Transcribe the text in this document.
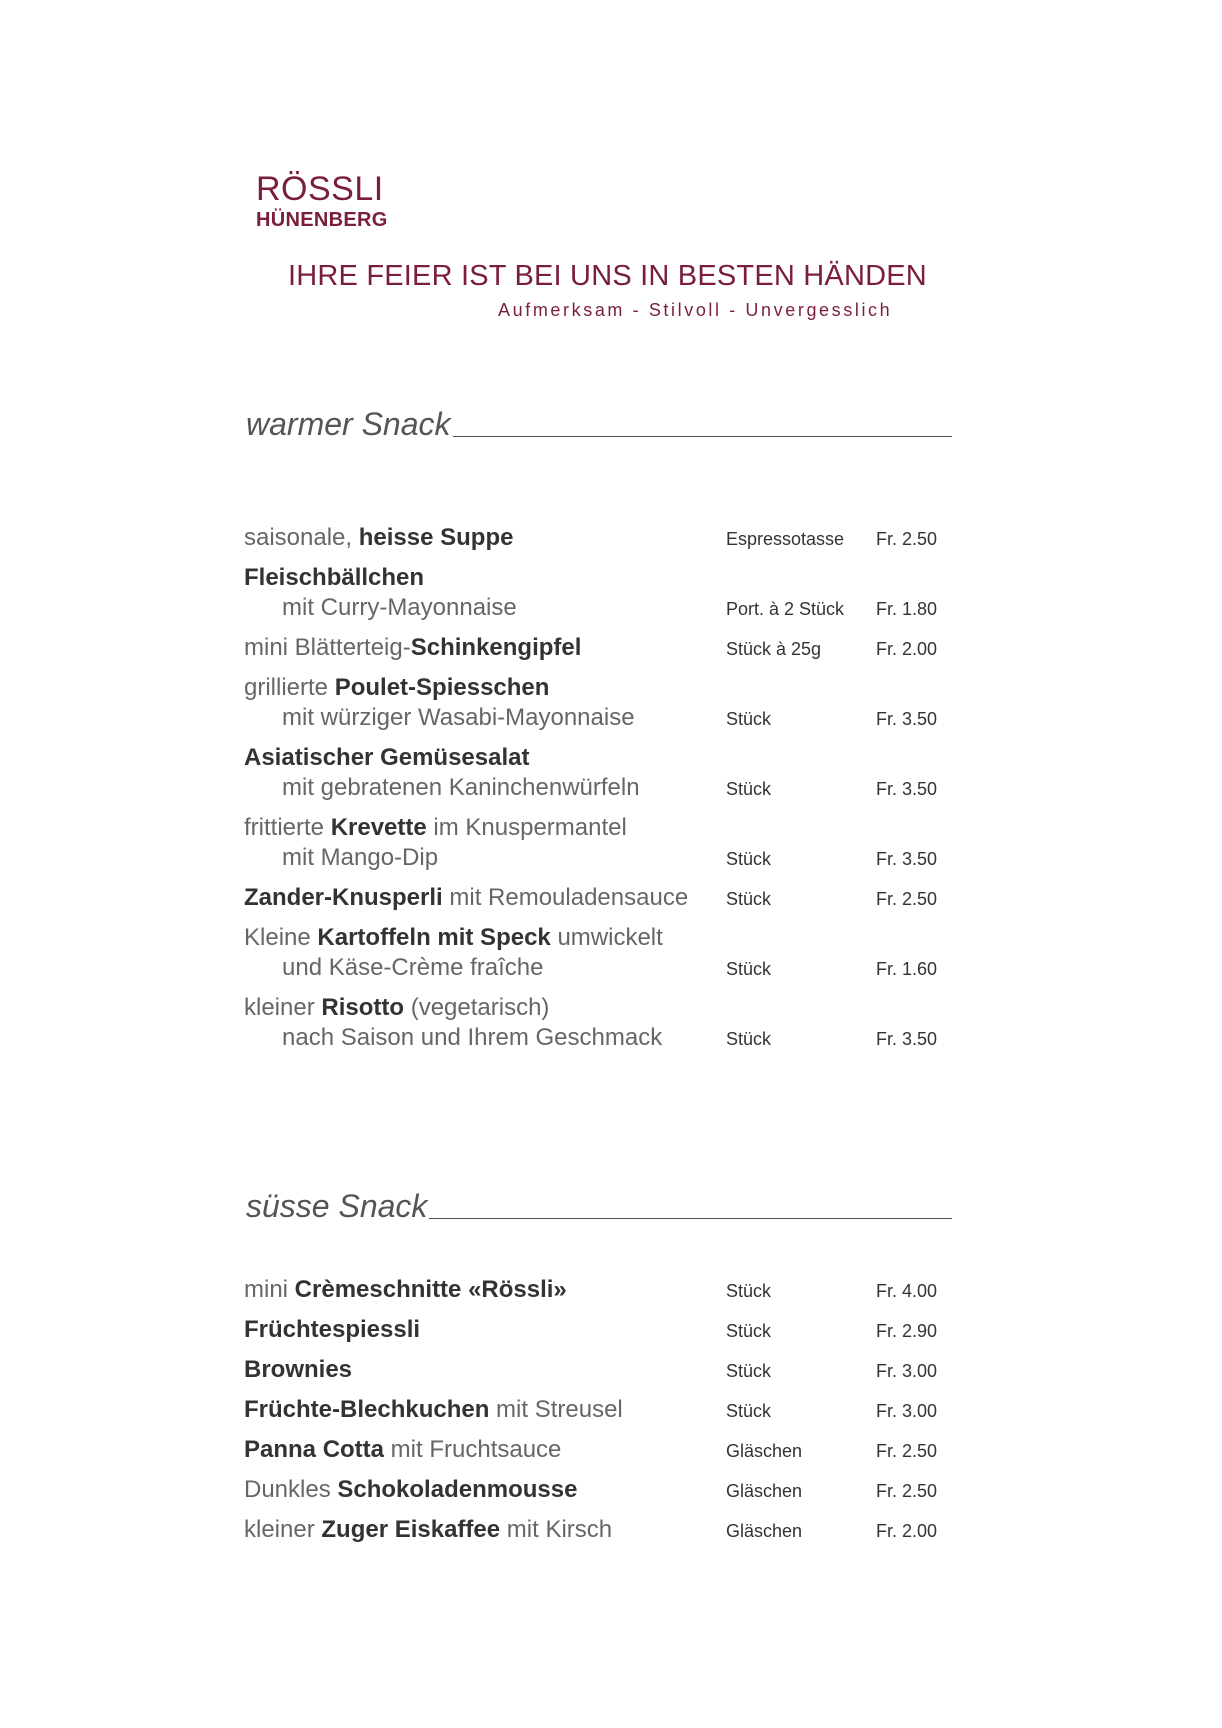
RÖSSLI
HÜNENBERG
IHRE FEIER IST BEI UNS IN BESTEN HÄNDEN
Aufmerksam - Stilvoll - Unvergesslich
warmer Snack
saisonale, heisse Suppe	Espressotasse	Fr. 2.50
Fleischbällchen
mit Curry-Mayonnaise	Port. à 2 Stück	Fr. 1.80
mini Blätterteig-Schinkengipfel	Stück à 25g	Fr. 2.00
grillierte Poulet-Spiesschen
mit würziger Wasabi-Mayonnaise	Stück	Fr. 3.50
Asiatischer Gemüsesalat
mit gebratenen Kaninchenwürfeln	Stück	Fr. 3.50
frittierte Krevette im Knuspermantel
mit Mango-Dip	Stück	Fr. 3.50
Zander-Knusperli mit Remouladensauce	Stück	Fr. 2.50
Kleine Kartoffeln mit Speck umwickelt
und Käse-Crème fraîche	Stück	Fr. 1.60
kleiner Risotto (vegetarisch)
nach Saison und Ihrem Geschmack	Stück	Fr. 3.50
süsse Snack
mini Crèmeschnitte «Rössli»	Stück	Fr. 4.00
Früchtespiessli	Stück	Fr. 2.90
Brownies	Stück	Fr. 3.00
Früchte-Blechkuchen mit Streusel	Stück	Fr. 3.00
Panna Cotta mit Fruchtsauce	Gläschen	Fr. 2.50
Dunkles Schokoladenmousse	Gläschen	Fr. 2.50
kleiner Zuger Eiskaffee mit Kirsch	Gläschen	Fr. 2.00
